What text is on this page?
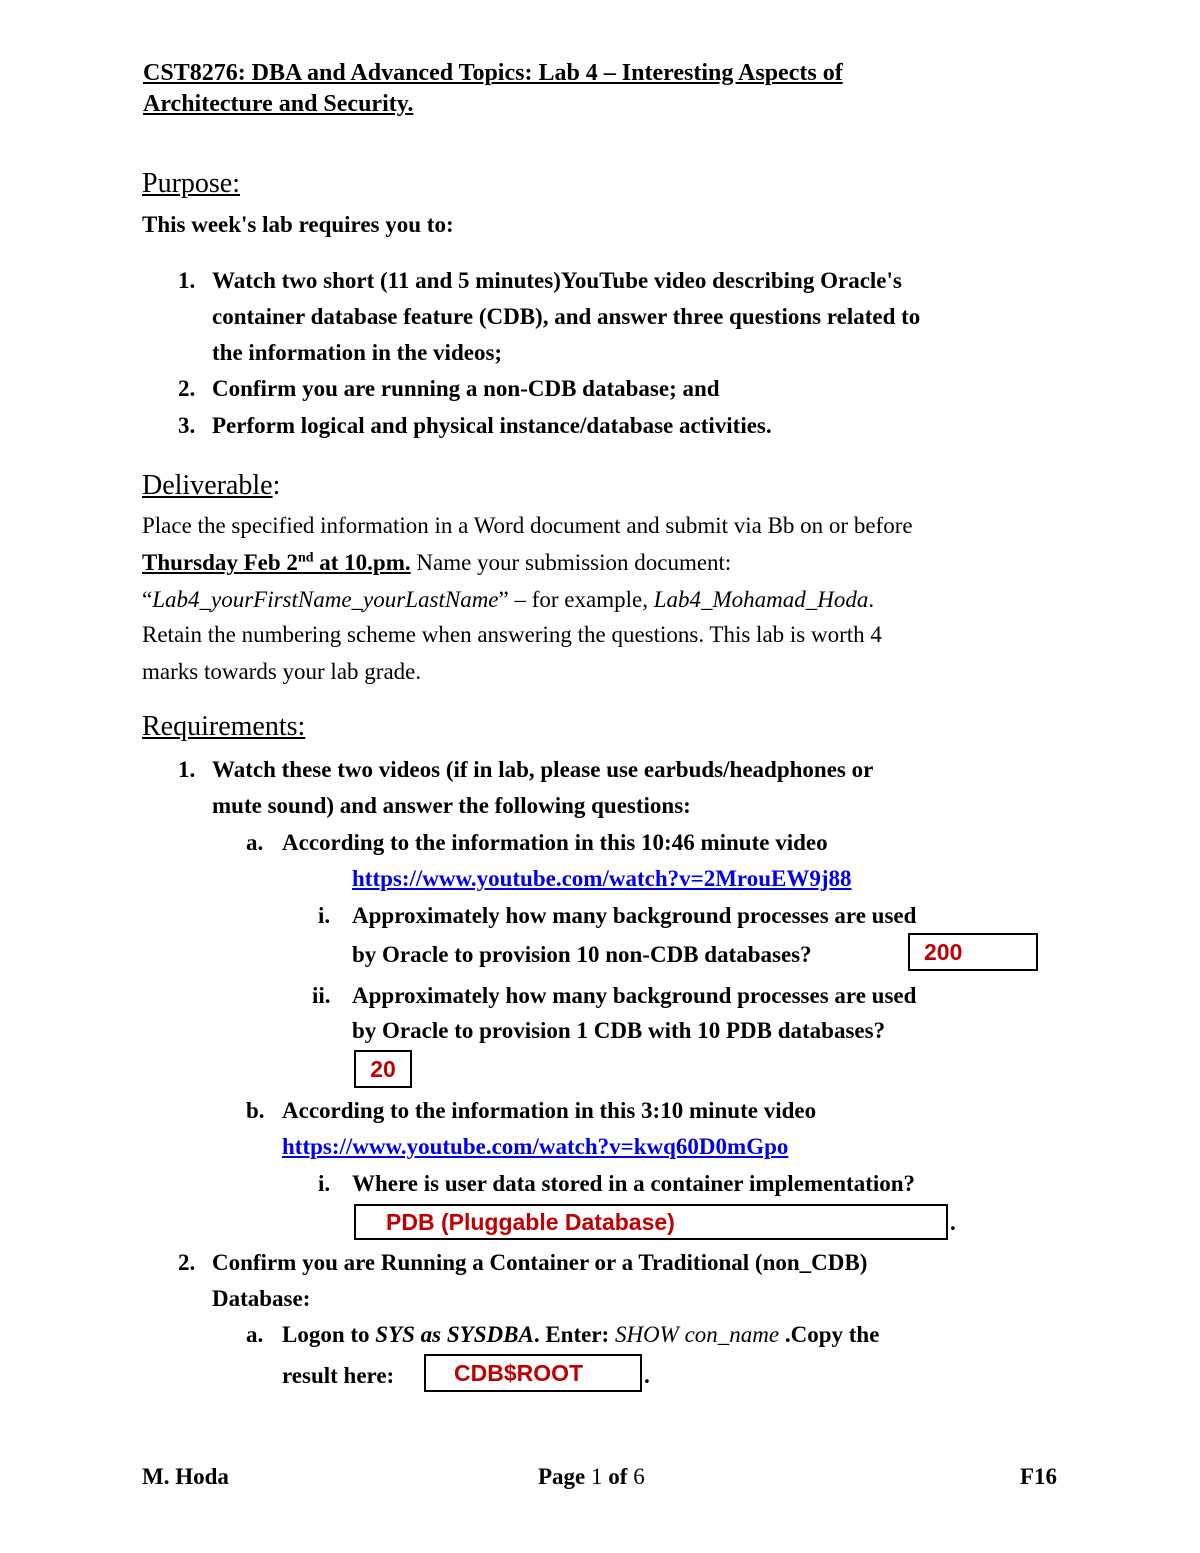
CST8276: DBA and Advanced Topics: Lab 4 – Interesting Aspects of
Architecture and Security.
Purpose:
This week's lab requires you to:
1. Watch two short (11 and 5 minutes)YouTube video describing Oracle's
container database feature (CDB), and answer three questions related to
the information in the videos;
2. Confirm you are running a non-CDB database; and
3. Perform logical and physical instance/database activities.
Deliverable:
Place the specified information in a Word document and submit via Bb on or before
Thursday Feb 2nd at 10.pm. Name your submission document:
“Lab4_yourFirstName_yourLastName” – for example, Lab4_Mohamad_Hoda.
Retain the numbering scheme when answering the questions. This lab is worth 4
marks towards your lab grade.
Requirements:
1. Watch these two videos (if in lab, please use earbuds/headphones or
mute sound) and answer the following questions:
a. According to the information in this 10:46 minute video
https://www.youtube.com/watch?v=2MrouEW9j88
i. Approximately how many background processes are used
by Oracle to provision 10 non-CDB databases?	200
ii. Approximately how many background processes are used
by Oracle to provision 1 CDB with 10 PDB databases?
20
b. According to the information in this 3:10 minute video
https://www.youtube.com/watch?v=kwq60D0mGpo
i. Where is user data stored in a container implementation?
PDB (Pluggable Database)	.
2. Confirm you are Running a Container or a Traditional (non_CDB)
Database:
a. Logon to SYS as SYSDBA. Enter: SHOW con_name .Copy the
result here:	CDB$ROOT	.
M. Hoda	Page 1 of 6	F16
